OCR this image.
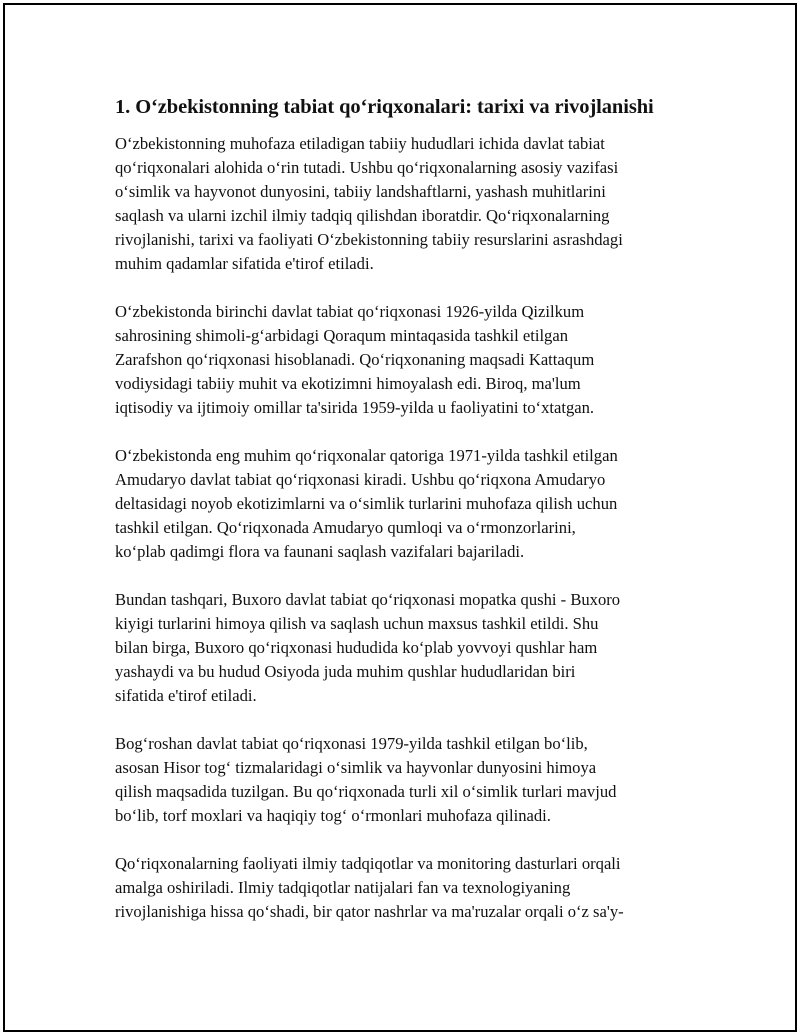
1. O‘zbekistonning tabiat qo‘riqxonalari: tarixi va rivojlanishi
O‘zbekistonning muhofaza etiladigan tabiiy hududlari ichida davlat tabiat
qo‘riqxonalari alohida o‘rin tutadi. Ushbu qo‘riqxonalarning asosiy vazifasi
o‘simlik va hayvonot dunyosini, tabiiy landshaftlarni, yashash muhitlarini
saqlash va ularni izchil ilmiy tadqiq qilishdan iboratdir. Qo‘riqxonalarning
rivojlanishi, tarixi va faoliyati O‘zbekistonning tabiiy resurslarini asrashdagi
muhim qadamlar sifatida e'tirof etiladi.
O‘zbekistonda birinchi davlat tabiat qo‘riqxonasi 1926-yilda Qizilkum
sahrosining shimoli-g‘arbidagi Qoraqum mintaqasida tashkil etilgan
Zarafshon qo‘riqxonasi hisoblanadi. Qo‘riqxonaning maqsadi Kattaqum
vodiysidagi tabiiy muhit va ekotizimni himoyalash edi. Biroq, ma'lum
iqtisodiy va ijtimoiy omillar ta'sirida 1959-yilda u faoliyatini to‘xtatgan.
O‘zbekistonda eng muhim qo‘riqxonalar qatoriga 1971-yilda tashkil etilgan
Amudaryo davlat tabiat qo‘riqxonasi kiradi. Ushbu qo‘riqxona Amudaryo
deltasidagi noyob ekotizimlarni va o‘simlik turlarini muhofaza qilish uchun
tashkil etilgan. Qo‘riqxonada Amudaryo qumloqi va o‘rmonzorlarini,
ko‘plab qadimgi flora va faunani saqlash vazifalari bajariladi.
Bundan tashqari, Buxoro davlat tabiat qo‘riqxonasi mopatka qushi - Buxoro
kiyigi turlarini himoya qilish va saqlash uchun maxsus tashkil etildi. Shu
bilan birga, Buxoro qo‘riqxonasi hududida ko‘plab yovvoyi qushlar ham
yashaydi va bu hudud Osiyoda juda muhim qushlar hududlaridan biri
sifatida e'tirof etiladi.
Bog‘roshan davlat tabiat qo‘riqxonasi 1979-yilda tashkil etilgan bo‘lib,
asosan Hisor tog‘ tizmalaridagi o‘simlik va hayvonlar dunyosini himoya
qilish maqsadida tuzilgan. Bu qo‘riqxonada turli xil o‘simlik turlari mavjud
bo‘lib, torf moxlari va haqiqiy tog‘ o‘rmonlari muhofaza qilinadi.
Qo‘riqxonalarning faoliyati ilmiy tadqiqotlar va monitoring dasturlari orqali
amalga oshiriladi. Ilmiy tadqiqotlar natijalari fan va texnologiyaning
rivojlanishiga hissa qo‘shadi, bir qator nashrlar va ma'ruzalar orqali o‘z sa'y-
